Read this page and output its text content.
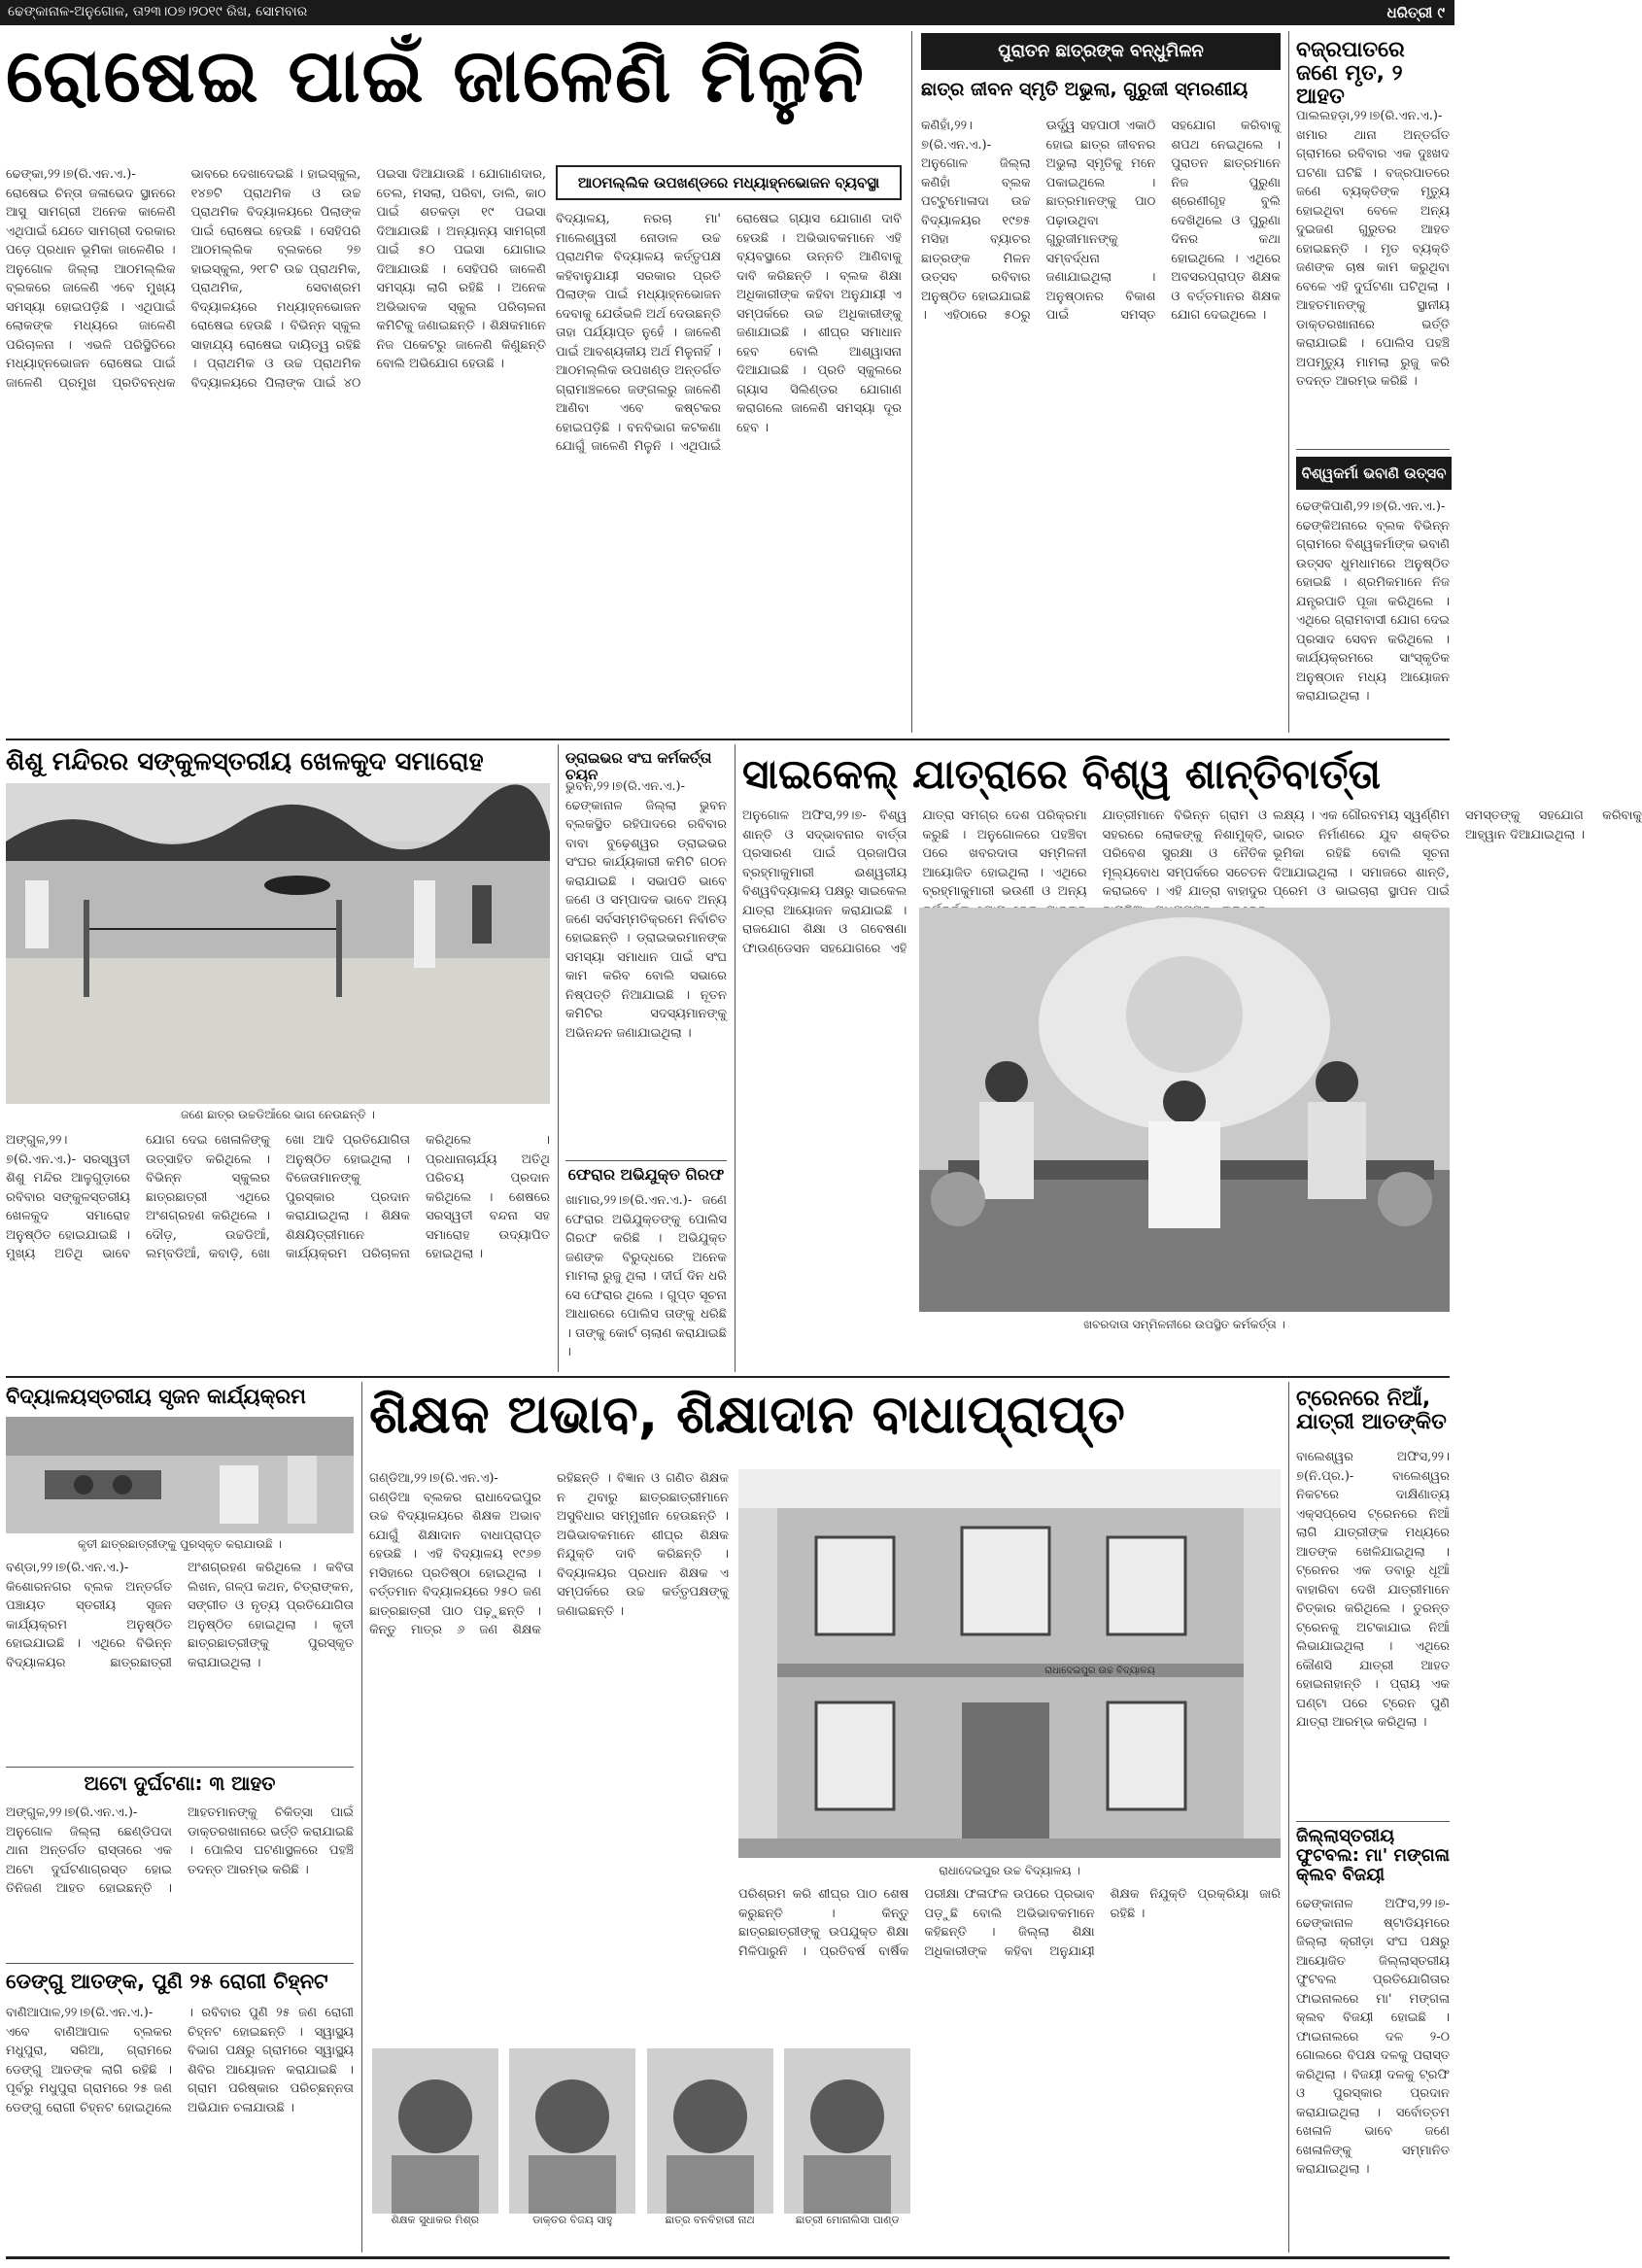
ଢେଙ୍କାନାଳ-ଅନୁଗୋଳ, ତା୨୩।୦୭।୨୦୧୯ ରିଖ, ସୋମବାର	ଧରିତ୍ରୀ ୯
ରୋଷେଇ ପାଇଁ ଜାଳେଣି ମିଳୁନି

ଢେଙ୍କା,୨୨।୭(ରି.ଏନ.ଏ.)- ରୋଷେଇ ଚିନ୍ତା ଜଳାଭେଦ ସ୍ଥାନରେ ଆସୁ ସାମଗ୍ରୀ ଅନେକ କାଳେଣି ଏଥିପାଇଁ ଯେତେ ସାମଗ୍ରୀ ଦରକାର ପଡ଼େ ପ୍ରଧାନ ଭୂମିକା ଜାଳେଣିର । ଅନୁଗୋଳ ଜିଲ୍ଲା ଆଠମଲ୍ଲିକ ବ୍ଲକରେ ଜାଳେଣି ଏବେ ମୁଖ୍ୟ ସମସ୍ୟା ହୋଇପଡ଼ିଛି । ଏଥିପାଇଁ ଲୋକଙ୍କ ମଧ୍ୟରେ ଜାଳେଣି ପରିଚାଳନା । ଏଭଳି ପରିସ୍ଥିତିରେ ମଧ୍ୟାହ୍ନଭୋଜନ ରୋଷେଇ ପାଇଁ ଜାଳେଣି ପ୍ରମୁଖ ପ୍ରତିବନ୍ଧକ ଭାବରେ ଦେଖାଦେଇଛି । ହାଇସ୍କୁଲ, ୧୪୭ଟି ପ୍ରାଥମିକ ଓ ଉଚ୍ଚ ପ୍ରାଥମିକ ବିଦ୍ୟାଳୟରେ ପିଲାଙ୍କ ପାଇଁ ରୋଷେଇ ହେଉଛି । ସେହିପରି ଆଠମଲ୍ଲିକ ବ୍ଲକରେ ୨୭ ହାଇସ୍କୁଲ, ୨୧୮ଟି ଉଚ୍ଚ ପ୍ରାଥମିକ, ପ୍ରାଥମିକ, ସେବାଶ୍ରମ ବିଦ୍ୟାଳୟରେ ମଧ୍ୟାହ୍ନଭୋଜନ ରୋଷେଇ ହେଉଛି । ବିଭିନ୍ନ ସ୍କୁଲ ସାହାଯ୍ୟ ରୋଷେଇ ଦାୟିତ୍ୱ ରହିଛି । ପ୍ରାଥମିକ ଓ ଉଚ୍ଚ ପ୍ରାଥମିକ ବିଦ୍ୟାଳୟରେ ପିଲାଙ୍କ ପାଇଁ ୪୦ ପଇସା ଦିଆଯାଉଛି । ଯୋଗାଣଦାର, ତେଲ, ମସଲା, ପରିବା, ଡାଲି, କାଠ ପାଇଁ ଶତକଡ଼ା ୧୯ ପଇସା ଦିଆଯାଉଛି । ଅନ୍ୟାନ୍ୟ ସାମଗ୍ରୀ ପାଇଁ ୫୦ ପଇସା ଯୋଗାଇ ଦିଆଯାଉଛି । ସେହିପରି ଜାଳେଣି ସମସ୍ୟା ଲାଗି ରହିଛି । ଅନେକ ଅଭିଭାବକ ସ୍କୁଲ ପରିଚାଳନା କମିଟିକୁ ଜଣାଇଛନ୍ତି । ଶିକ୍ଷକମାନେ ନିଜ ପକେଟରୁ ଜାଳେଣି କିଣୁଛନ୍ତି ବୋଲି ଅଭିଯୋଗ ହେଉଛି ।

ଆଠମଲ୍ଲିକ ଉପଖଣ୍ଡରେ ମଧ୍ୟାହ୍ନଭୋଜନ ବ୍ୟବସ୍ଥା

ବିଦ୍ୟାଳୟ, ନରଚା ମା' ମାଲେଶ୍ୱରୀ ନୋଡାଳ ଉଚ୍ଚ ପ୍ରାଥମିକ ବିଦ୍ୟାଳୟ କର୍ତ୍ତୃପକ୍ଷ କହିବାନୁଯାୟୀ ସରକାର ପ୍ରତି ପିଲାଙ୍କ ପାଇଁ ମଧ୍ୟାହ୍ନଭୋଜନ ଦେବାକୁ ଯେଉଁଭଳି ଅର୍ଥ ଦେଉଛନ୍ତି ତାହା ପର୍ଯ୍ୟାପ୍ତ ନୁହେଁ । ଜାଳେଣି ପାଇଁ ଆବଶ୍ୟକୀୟ ଅର୍ଥ ମିଳୁନାହିଁ । ଆଠମଲ୍ଲିକ ଉପଖଣ୍ଡ ଅନ୍ତର୍ଗତ ଗ୍ରାମାଞ୍ଚଳରେ ଜଙ୍ଗଲରୁ ଜାଳେଣି ଆଣିବା ଏବେ କଷ୍ଟକର ହୋଇପଡ଼ିଛି । ବନବିଭାଗ କଟକଣା ଯୋଗୁଁ ଜାଳେଣି ମିଳୁନି । ଏଥିପାଇଁ ରୋଷେଇ ଗ୍ୟାସ ଯୋଗାଣ ଦାବି ହେଉଛି । ଅଭିଭାବକମାନେ ଏହି ବ୍ୟବସ୍ଥାରେ ଉନ୍ନତି ଆଣିବାକୁ ଦାବି କରିଛନ୍ତି । ବ୍ଲକ ଶିକ୍ଷା ଅଧିକାରୀଙ୍କ କହିବା ଅନୁଯାୟୀ ଏ ସମ୍ପର୍କରେ ଉଚ୍ଚ ଅଧିକାରୀଙ୍କୁ ଜଣାଯାଇଛି । ଶୀଘ୍ର ସମାଧାନ ହେବ ବୋଲି ଆଶ୍ୱାସନା ଦିଆଯାଇଛି । ପ୍ରତି ସ୍କୁଲରେ ଗ୍ୟାସ ସିଲିଣ୍ଡର ଯୋଗାଣ କରାଗଲେ ଜାଳେଣି ସମସ୍ୟା ଦୂର ହେବ ।

ପୁରାତନ ଛାତ୍ରଙ୍କ ବନ୍ଧୁମିଳନ
ଛାତ୍ର ଜୀବନ ସ୍ମୃତି ଅଭୁଲା, ଗୁରୁଜୀ ସ୍ମରଣୀୟ

କଣିହାଁ,୨୨।୭(ରି.ଏନ.ଏ.)- ଅନୁଗୋଳ ଜିଲ୍ଲା କଣିହାଁ ବ୍ଲକ ପଟ୍ଟୁମୋଳାଦା ଉଚ୍ଚ ବିଦ୍ୟାଳୟର ୧୯୭୫ ମସିହା ବ୍ୟାଚର ଛାତ୍ରଙ୍କ ମିଳନ ଉତ୍ସବ ରବିବାର ଅନୁଷ୍ଠିତ ହୋଇଯାଇଛି । ଏହିଠାରେ ୫୦ରୁ ଊର୍ଦ୍ଧ୍ୱ ସହପାଠୀ ଏକାଠି ହୋଇ ଛାତ୍ର ଜୀବନର ଅଭୁଲା ସ୍ମୃତିକୁ ମନେ ପକାଇଥିଲେ । ଛାତ୍ରମାନଙ୍କୁ ପାଠ ପଢ଼ାଉଥିବା ଗୁରୁଜୀମାନଙ୍କୁ ସମ୍ବର୍ଦ୍ଧନା ଜଣାଯାଇଥିଲା । ଅନୁଷ୍ଠାନର ବିକାଶ ପାଇଁ ସମସ୍ତ ସହଯୋଗ କରିବାକୁ ଶପଥ ନେଇଥିଲେ । ପୁରାତନ ଛାତ୍ରମାନେ ନିଜ ପୁରୁଣା ଶ୍ରେଣୀଗୃହ ବୁଲି ଦେଖିଥିଲେ ଓ ପୁରୁଣା ଦିନର କଥା ହୋଇଥିଲେ । ଏଥିରେ ଅବସରପ୍ରାପ୍ତ ଶିକ୍ଷକ ଓ ବର୍ତ୍ତମାନର ଶିକ୍ଷକ ଯୋଗ ଦେଇଥିଲେ ।

ବଜ୍ରପାତରେ ଜଣେ ମୃତ, ୨ ଆହତ

ପାଲଲହଡ଼ା,୨୨।୭(ରି.ଏନ.ଏ.)- ଖମାର ଥାନା ଅନ୍ତର୍ଗତ ଗ୍ରାମରେ ରବିବାର ଏକ ଦୁଃଖଦ ଘଟଣା ଘଟିଛି । ବଜ୍ରପାତରେ ଜଣେ ବ୍ୟକ୍ତିଙ୍କ ମୃତ୍ୟୁ ହୋଇଥିବା ବେଳେ ଅନ୍ୟ ଦୁଇଜଣ ଗୁରୁତର ଆହତ ହୋଇଛନ୍ତି । ମୃତ ବ୍ୟକ୍ତି ଜଣଙ୍କ ଚାଷ କାମ କରୁଥିବା ବେଳେ ଏହି ଦୁର୍ଘଟଣା ଘଟିଥିଲା । ଆହତମାନଙ୍କୁ ସ୍ଥାନୀୟ ଡାକ୍ତରଖାନାରେ ଭର୍ତ୍ତି କରାଯାଇଛି । ପୋଲିସ ପହଞ୍ଚି ଅପମୃତ୍ୟୁ ମାମଲା ରୁଜୁ କରି ତଦନ୍ତ ଆରମ୍ଭ କରିଛି ।

ବିଶ୍ୱକର୍ମା ଭବାଣି ଉତ୍ସବ

ଢେଙ୍କିପାଣି,୨୨।୭(ରି.ଏନ.ଏ.)- ଢେଙ୍କିଅନାରେ ବ୍ଲକ ବିଭିନ୍ନ ଗ୍ରାମରେ ବିଶ୍ୱକର୍ମାଙ୍କ ଭବାଣି ଉତ୍ସବ ଧୁମଧାମରେ ଅନୁଷ୍ଠିତ ହୋଇଛି । ଶ୍ରମିକମାନେ ନିଜ ଯନ୍ତ୍ରପାତି ପୂଜା କରିଥିଲେ । ଏଥିରେ ଗ୍ରାମବାସୀ ଯୋଗ ଦେଇ ପ୍ରସାଦ ସେବନ କରିଥିଲେ । କାର୍ଯ୍ୟକ୍ରମରେ ସାଂସ୍କୃତିକ ଅନୁଷ୍ଠାନ ମଧ୍ୟ ଆୟୋଜନ କରାଯାଇଥିଲା ।

ଶିଶୁ ମନ୍ଦିରର ସଙ୍କୁଳସ୍ତରୀୟ ଖେଳକୁଦ ସମାରୋହ
ଜଣେ ଛାତ୍ର ଉଚ୍ଚଡିଆଁରେ ଭାଗ ନେଉଛନ୍ତି ।

ଅଙ୍ଗୁଳ,୨୨।୭(ରି.ଏନ.ଏ.)- ସରସ୍ୱତୀ ଶିଶୁ ମନ୍ଦିର ଆଳୁଗୁଡ଼ାରେ ରବିବାର ସଙ୍କୁଳସ୍ତରୀୟ ଖେଳକୁଦ ସମାରୋହ ଅନୁଷ୍ଠିତ ହୋଇଯାଇଛି । ମୁଖ୍ୟ ଅତିଥି ଭାବେ ଯୋଗ ଦେଇ ଖେଳାଳିଙ୍କୁ ଉତ୍ସାହିତ କରିଥିଲେ । ବିଭିନ୍ନ ସ୍କୁଲର ଛାତ୍ରଛାତ୍ରୀ ଏଥିରେ ଅଂଶଗ୍ରହଣ କରିଥିଲେ । ଦୌଡ଼, ଉଚ୍ଚଡିଆଁ, ଲମ୍ବଡିଆଁ, କବାଡ଼ି, ଖୋ ଖୋ ଆଦି ପ୍ରତିଯୋଗିତା ଅନୁଷ୍ଠିତ ହୋଇଥିଲା । ବିଜେତାମାନଙ୍କୁ ପୁରସ୍କାର ପ୍ରଦାନ କରାଯାଇଥିଲା । ଶିକ୍ଷକ ଶିକ୍ଷୟିତ୍ରୀମାନେ କାର୍ଯ୍ୟକ୍ରମ ପରିଚାଳନା କରିଥିଲେ । ପ୍ରଧାନାଚାର୍ଯ୍ୟ ଅତିଥି ପରିଚୟ ପ୍ରଦାନ କରିଥିଲେ । ଶେଷରେ ସରସ୍ୱତୀ ବନ୍ଦନା ସହ ସମାରୋହ ଉଦ୍ୟାପିତ ହୋଇଥିଲା ।

ଡ୍ରାଇଭର ସଂଘ କର୍ମକର୍ତ୍ତା ଚୟନ

ଭୁବନ,୨୨।୭(ରି.ଏନ.ଏ.)- ଢେଙ୍କାନାଳ ଜିଲ୍ଲା ଭୁବନ ବ୍ଲକସ୍ଥିତ ରହିପାଦରେ ରବିବାର ବାବା ବୁଢ଼େଶ୍ୱର ଡ୍ରାଇଭର ସଂଘର କାର୍ଯ୍ୟକାରୀ କମିଟି ଗଠନ କରାଯାଇଛି । ସଭାପତି ଭାବେ ଜଣେ ଓ ସମ୍ପାଦକ ଭାବେ ଅନ୍ୟ ଜଣେ ସର୍ବସମ୍ମତିକ୍ରମେ ନିର୍ବାଚିତ ହୋଇଛନ୍ତି । ଡ୍ରାଇଭରମାନଙ୍କ ସମସ୍ୟା ସମାଧାନ ପାଇଁ ସଂଘ କାମ କରିବ ବୋଲି ସଭାରେ ନିଷ୍ପତ୍ତି ନିଆଯାଇଛି । ନୂତନ କମିଟିର ସଦସ୍ୟମାନଙ୍କୁ ଅଭିନନ୍ଦନ ଜଣାଯାଇଥିଲା ।

ଫେରାର ଅଭିଯୁକ୍ତ ଗିରଫ

ଖାମାର,୨୨।୭(ରି.ଏନ.ଏ.)- ଜଣେ ଫେରାର ଅଭିଯୁକ୍ତଙ୍କୁ ପୋଲିସ ଗିରଫ କରିଛି । ଅଭିଯୁକ୍ତ ଜଣଙ୍କ ବିରୁଦ୍ଧରେ ଅନେକ ମାମଲା ରୁଜୁ ଥିଲା । ଦୀର୍ଘ ଦିନ ଧରି ସେ ଫେରାର ଥିଲେ । ଗୁପ୍ତ ସୂଚନା ଆଧାରରେ ପୋଲିସ ତାଙ୍କୁ ଧରିଛି । ତାଙ୍କୁ କୋର୍ଟ ଚାଲାଣ କରାଯାଇଛି ।

ସାଇକେଲ୍ ଯାତ୍ରାରେ ବିଶ୍ୱ ଶାନ୍ତିବାର୍ତ୍ତା

ଅନୁଗୋଳ ଅଫିସ,୨୨।୭- ବିଶ୍ୱ ଶାନ୍ତି ଓ ସଦ୍ଭାବନାର ବାର୍ତ୍ତା ପ୍ରସାରଣ ପାଇଁ ପ୍ରଜାପିତା ବ୍ରହ୍ମାକୁମାରୀ ଈଶ୍ୱରୀୟ ବିଶ୍ୱବିଦ୍ୟାଳୟ ପକ୍ଷରୁ ସାଇକେଲ ଯାତ୍ରା ଆୟୋଜନ କରାଯାଇଛି । ରାଜଯୋଗ ଶିକ୍ଷା ଓ ଗବେଷଣା ଫାଉଣ୍ଡେସନ ସହଯୋଗରେ ଏହି ଯାତ୍ରା ସମଗ୍ର ଦେଶ ପରିକ୍ରମା କରୁଛି । ଅନୁଗୋଳରେ ପହଞ୍ଚିବା ପରେ ଖବରଦାତା ସମ୍ମିଳନୀ ଆୟୋଜିତ ହୋଇଥିଲା । ଏଥିରେ ବ୍ରହ୍ମାକୁମାରୀ ଭଉଣୀ ଓ ଅନ୍ୟ ଯାତ୍ରୀମାନେ ବିଭିନ୍ନ ଗ୍ରାମ ଓ ସହରରେ ଲୋକଙ୍କୁ ନିଶାମୁକ୍ତି, ପରିବେଶ ସୁରକ୍ଷା ଓ ନୈତିକ ମୂଲ୍ୟବୋଧ ସମ୍ପର୍କରେ ସଚେତନ କରାଇବେ । ଏହି ଯାତ୍ରା ବାହାଦୁର

ଲକ୍ଷ୍ୟ । ଏକ ଗୌରବମୟ ସ୍ୱର୍ଣ୍ଣିମ ଭାରତ ନିର୍ମାଣରେ ଯୁବ ଶକ୍ତିର ଭୂମିକା ରହିଛି ବୋଲି ସୂଚନା ଦିଆଯାଇଥିଲା । ସମାଜରେ ଶାନ୍ତି, ପ୍ରେମ ଓ ଭାଇଚାରା ସ୍ଥାପନ ପାଇଁ ସମସ୍ତଙ୍କୁ ସହଯୋଗ କରିବାକୁ ଆହ୍ୱାନ ଦିଆଯାଇଥିଲା ।

ଖବରଦାତା ସମ୍ମିଳନୀରେ ଉପସ୍ଥିତ କର୍ମକର୍ତ୍ତା ।
ବିଦ୍ୟାଳୟସ୍ତରୀୟ ସୃଜନ କାର୍ଯ୍ୟକ୍ରମ
କୃତୀ ଛାତ୍ରଛାତ୍ରୀଙ୍କୁ ପୁରସ୍କୃତ କରାଯାଉଛି ।

ବଣ୍ଡା,୨୨।୭(ରି.ଏନ.ଏ.)- କିଶୋରନଗର ବ୍ଲକ ଅନ୍ତର୍ଗତ ପଞ୍ଚାୟତ ସ୍ତରୀୟ ସୃଜନ କାର୍ଯ୍ୟକ୍ରମ ଅନୁଷ୍ଠିତ ହୋଇଯାଇଛି । ଏଥିରେ ବିଭିନ୍ନ ବିଦ୍ୟାଳୟର ଛାତ୍ରଛାତ୍ରୀ ଅଂଶଗ୍ରହଣ କରିଥିଲେ । କବିତା ଲିଖନ, ଗଳ୍ପ କଥନ, ଚିତ୍ରାଙ୍କନ, ସଙ୍ଗୀତ ଓ ନୃତ୍ୟ ପ୍ରତିଯୋଗିତା ଅନୁଷ୍ଠିତ ହୋଇଥିଲା । କୃତୀ ଛାତ୍ରଛାତ୍ରୀଙ୍କୁ ପୁରସ୍କୃତ କରାଯାଇଥିଲା ।

ଅଟୋ ଦୁର୍ଘଟଣା: ୩ ଆହତ

ଅଙ୍ଗୁଳ,୨୨।୭(ରି.ଏନ.ଏ.)- ଅନୁଗୋଳ ଜିଲ୍ଲା ଛେଣ୍ଡିପଦା ଥାନା ଅନ୍ତର୍ଗତ ରାସ୍ତାରେ ଏକ ଅଟୋ ଦୁର୍ଘଟଣାଗ୍ରସ୍ତ ହୋଇ ତିନିଜଣ ଆହତ ହୋଇଛନ୍ତି । ଆହତମାନଙ୍କୁ ଚିକିତ୍ସା ପାଇଁ ଡାକ୍ତରଖାନାରେ ଭର୍ତ୍ତି କରାଯାଇଛି । ପୋଲିସ ଘଟଣାସ୍ଥଳରେ ପହଞ୍ଚି ତଦନ୍ତ ଆରମ୍ଭ କରିଛି ।

ଡେଙ୍ଗୁ ଆତଙ୍କ, ପୁଣି ୨୫ ରୋଗୀ ଚିହ୍ନଟ

ବାଣିଆପାଳ,୨୨।୭(ରି.ଏନ.ଏ.)- ଏବେ ବାଣିଆପାଳ ବ୍ଲକର ମଧୁପୁରା, ସରିଆ, ଗ୍ରାମରେ ଡେଙ୍ଗୁ ଆତଙ୍କ ଲାଗି ରହିଛି । ପୂର୍ବରୁ ମଧୁପୁରା ଗ୍ରାମରେ ୨୫ ଜଣ ଡେଙ୍ଗୁ ରୋଗୀ ଚିହ୍ନଟ ହୋଇଥିଲେ । ରବିବାର ପୁଣି ୨୫ ଜଣ ରୋଗୀ ଚିହ୍ନଟ ହୋଇଛନ୍ତି । ସ୍ୱାସ୍ଥ୍ୟ ବିଭାଗ ପକ୍ଷରୁ ଗ୍ରାମରେ ସ୍ୱାସ୍ଥ୍ୟ ଶିବିର ଆୟୋଜନ କରାଯାଇଛି । ଗ୍ରାମ ପରିଷ୍କାର ପରିଚ୍ଛନ୍ନତା ଅଭିଯାନ ଚଳାଯାଉଛି ।

ଶିକ୍ଷକ ଅଭାବ, ଶିକ୍ଷାଦାନ ବାଧାପ୍ରାପ୍ତ

ଗଣ୍ଡିଆ,୨୨।୭(ରି.ଏନ.ଏ)- ଗଣ୍ଡିଆ ବ୍ଲକର ରାଧାଦେଇପୁର ଉଚ୍ଚ ବିଦ୍ୟାଳୟରେ ଶିକ୍ଷକ ଅଭାବ ଯୋଗୁଁ ଶିକ୍ଷାଦାନ ବାଧାପ୍ରାପ୍ତ ହେଉଛି । ଏହି ବିଦ୍ୟାଳୟ ୧୯୬୭ ମସିହାରେ ପ୍ରତିଷ୍ଠା ହୋଇଥିଲା । ବର୍ତ୍ତମାନ ବିଦ୍ୟାଳୟରେ ୨୫୦ ଜଣ ଛାତ୍ରଛାତ୍ରୀ ପାଠ ପଢ଼ୁଛନ୍ତି । କିନ୍ତୁ ମାତ୍ର ୬ ଜଣ ଶିକ୍ଷକ ରହିଛନ୍ତି । ବିଜ୍ଞାନ ଓ ଗଣିତ ଶିକ୍ଷକ ନ ଥିବାରୁ ଛାତ୍ରଛାତ୍ରୀମାନେ ଅସୁବିଧାର ସମ୍ମୁଖୀନ ହେଉଛନ୍ତି । ଅଭିଭାବକମାନେ ଶୀଘ୍ର ଶିକ୍ଷକ ନିଯୁକ୍ତି ଦାବି କରିଛନ୍ତି । ବିଦ୍ୟାଳୟର ପ୍ରଧାନ ଶିକ୍ଷକ ଏ ସମ୍ପର୍କରେ ଉଚ୍ଚ କର୍ତ୍ତୃପକ୍ଷଙ୍କୁ ଜଣାଇଛନ୍ତି ।

ରାଧାଦେଇପୁର ଉଚ୍ଚ ବିଦ୍ୟାଳୟ
ରାଧାଦେଇପୁର ଉଚ୍ଚ ବିଦ୍ୟାଳୟ ।

ପରିଶ୍ରମ କରି ଶୀଘ୍ର ପାଠ ଶେଷ କରୁଛନ୍ତି । କିନ୍ତୁ ଛାତ୍ରଛାତ୍ରୀଙ୍କୁ ଉପଯୁକ୍ତ ଶିକ୍ଷା ମିଳିପାରୁନି । ପ୍ରତିବର୍ଷ ବାର୍ଷିକ ପରୀକ୍ଷା ଫଳାଫଳ ଉପରେ ପ୍ରଭାବ ପଡ଼ୁଛି ବୋଲି ଅଭିଭାବକମାନେ କହିଛନ୍ତି । ଜିଲ୍ଲା ଶିକ୍ଷା ଅଧିକାରୀଙ୍କ କହିବା ଅନୁଯାୟୀ ଶିକ୍ଷକ ନିଯୁକ୍ତି ପ୍ରକ୍ରିୟା ଜାରି ରହିଛି ।

ଶିକ୍ଷକ ସୁଧାକର ମିଶ୍ର	ଡାକ୍ତର ବିଜୟ ସାହୁ	ଛାତ୍ର ବନବିହାରୀ ନାଥ	ଛାତ୍ରୀ ମୋନାଲିସା ପାଣ୍ଡ
ଟ୍ରେନରେ ନିଆଁ, ଯାତ୍ରୀ ଆତଙ୍କିତ

ବାଲେଶ୍ୱର ଅଫିସ,୨୨।୭(ନି.ପ୍ର.)- ବାଲେଶ୍ୱର ନିକଟରେ ଦାକ୍ଷିଣାତ୍ୟ ଏକ୍ସପ୍ରେସ ଟ୍ରେନରେ ନିଆଁ ଲାଗି ଯାତ୍ରୀଙ୍କ ମଧ୍ୟରେ ଆତଙ୍କ ଖେଳିଯାଇଥିଲା । ଟ୍ରେନର ଏକ ଡବାରୁ ଧୂଆଁ ବାହାରିବା ଦେଖି ଯାତ୍ରୀମାନେ ଚିତ୍କାର କରିଥିଲେ । ତୁରନ୍ତ ଟ୍ରେନକୁ ଅଟକାଯାଇ ନିଆଁ ଲିଭାଯାଇଥିଲା । ଏଥିରେ କୌଣସି ଯାତ୍ରୀ ଆହତ ହୋଇନାହାନ୍ତି । ପ୍ରାୟ ଏକ ଘଣ୍ଟା ପରେ ଟ୍ରେନ ପୁଣି ଯାତ୍ରା ଆରମ୍ଭ କରିଥିଲା ।

ଜିଲ୍ଲାସ୍ତରୀୟ ଫୁଟବଲ: ମା' ମଙ୍ଗଳା କ୍ଲବ ବିଜୟୀ

ଢେଙ୍କାନାଳ ଅଫିସ,୨୨।୭- ଢେଙ୍କାନାଳ ଷ୍ଟାଡିୟମରେ ଜିଲ୍ଲା କ୍ରୀଡ଼ା ସଂଘ ପକ୍ଷରୁ ଆୟୋଜିତ ଜିଲ୍ଲାସ୍ତରୀୟ ଫୁଟବଲ ପ୍ରତିଯୋଗିତାର ଫାଇନାଲରେ ମା' ମଙ୍ଗଳା କ୍ଲବ ବିଜୟୀ ହୋଇଛି । ଫାଇନାଲରେ ଦଳ ୨-୦ ଗୋଲରେ ବିପକ୍ଷ ଦଳକୁ ପରାସ୍ତ କରିଥିଲା । ବିଜୟୀ ଦଳକୁ ଟ୍ରଫି ଓ ପୁରସ୍କାର ପ୍ରଦାନ କରାଯାଇଥିଲା । ସର୍ବୋତ୍ତମ ଖେଳାଳି ଭାବେ ଜଣେ ଖେଳାଳିଙ୍କୁ ସମ୍ମାନିତ କରାଯାଇଥିଲା ।
